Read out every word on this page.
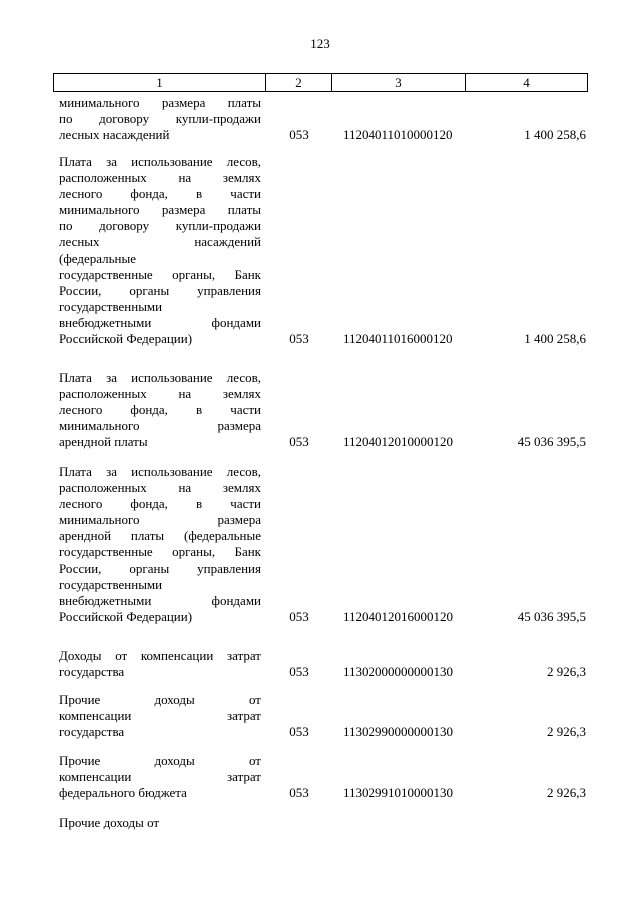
123
1	2	3	4
минимального размера платы
по договору купли-продажи
лесных насаждений	053	11204011010000120	1 400 258,6
Плата за использование лесов,
расположенных на землях
лесного фонда, в части
минимального размера платы
по договору купли-продажи
лесных насаждений
(федеральные
государственные органы, Банк
России, органы управления
государственными
внебюджетными фондами
Российской Федерации)	053	11204011016000120	1 400 258,6
Плата за использование лесов,
расположенных на землях
лесного фонда, в части
минимального размера
арендной платы	053	11204012010000120	45 036 395,5
Плата за использование лесов,
расположенных на землях
лесного фонда, в части
минимального размера
арендной платы (федеральные
государственные органы, Банк
России, органы управления
государственными
внебюджетными фондами
Российской Федерации)	053	11204012016000120	45 036 395,5
Доходы от компенсации затрат
государства	053	11302000000000130	2 926,3
Прочие доходы от
компенсации затрат
государства	053	11302990000000130	2 926,3
Прочие доходы от
компенсации затрат
федерального бюджета	053	11302991010000130	2 926,3
Прочие доходы от
